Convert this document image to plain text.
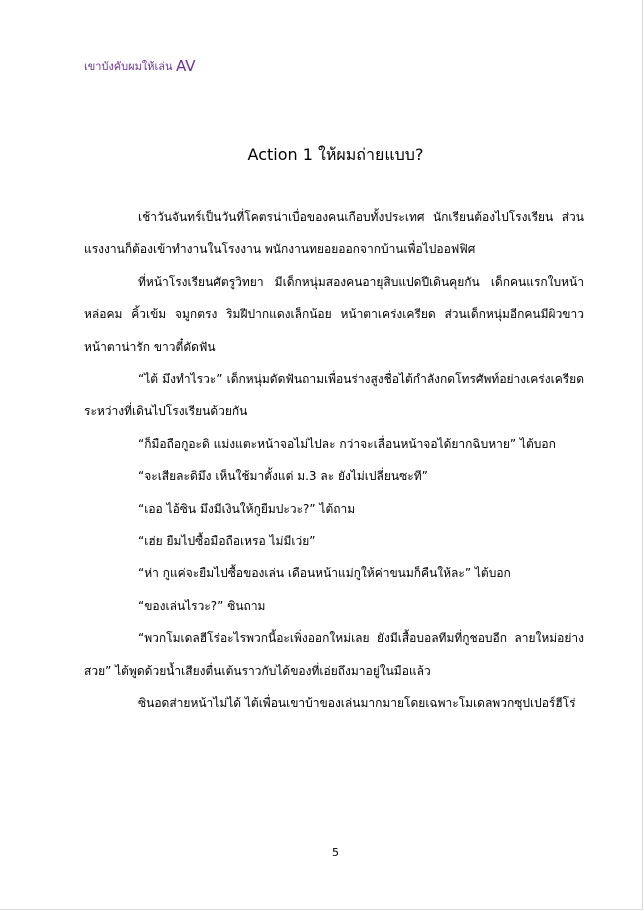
เขาบังคับผมให้เล่น AV
Action 1 ให้ผมถ่ายแบบ?

เช้าวันจันทร์เป็นวันที่โคตรน่าเบื่อของคนเกือบทั้งประเทศ นักเรียนต้องไปโรงเรียน ส่วนแรงงานก็ต้องเข้าทำงานในโรงงาน พนักงานทยอยออกจากบ้านเพื่อไปออฟฟิศ

ที่หน้าโรงเรียนศัตรูวิทยา มีเด็กหนุ่มสองคนอายุสิบแปดปีเดินคุยกัน เด็กคนแรกใบหน้าหล่อคม คิ้วเข้ม จมูกตรง ริมฝีปากแดงเล็กน้อย หน้าตาเคร่งเครียด ส่วนเด็กหนุ่มอีกคนมีผิวขาว หน้าตาน่ารัก ขาวตี๋ดัดฟัน

“ไต้ มึงทำไรวะ” เด็กหนุ่มดัดฟันถามเพื่อนร่างสูงชื่อไต้กำลังกดโทรศัพท์อย่างเคร่งเครียด ระหว่างที่เดินไปโรงเรียนด้วยกัน

“ก็มือถือกูอะดิ แม่งแตะหน้าจอไม่ไปละ กว่าจะเลื่อนหน้าจอได้ยากฉิบหาย” ไต้บอก

“จะเสียละดิมึง เห็นใช้มาตั้งแต่ ม.3 ละ ยังไม่เปลี่ยนซะที”

“เออ ไอ้ซิน มึงมีเงินให้กูยืมปะวะ?” ไต้ถาม

“เฮ่ย ยืมไปซื้อมือถือเหรอ ไม่มีเว่ย”

“ห่า กูแค่จะยืมไปซื้อของเล่น เดือนหน้าแม่กูให้ค่าขนมก็คืนให้ละ” ไต้บอก

“ของเล่นไรวะ?” ซินถาม

“พวกโมเดลฮีโร่อะไรพวกนี้อะเพิ่งออกใหม่เลย ยังมีเสื้อบอลทีมที่กูชอบอีก ลายใหม่อย่างสวย” ไต้พูดด้วยน้ำเสียงตื่นเต้นราวกับได้ของที่เอ่ยถึงมาอยู่ในมือแล้ว

ซินอดส่ายหน้าไม่ได้ ไต้เพื่อนเขาบ้าของเล่นมากมายโดยเฉพาะโมเดลพวกซุปเปอร์ฮีโร่

5
